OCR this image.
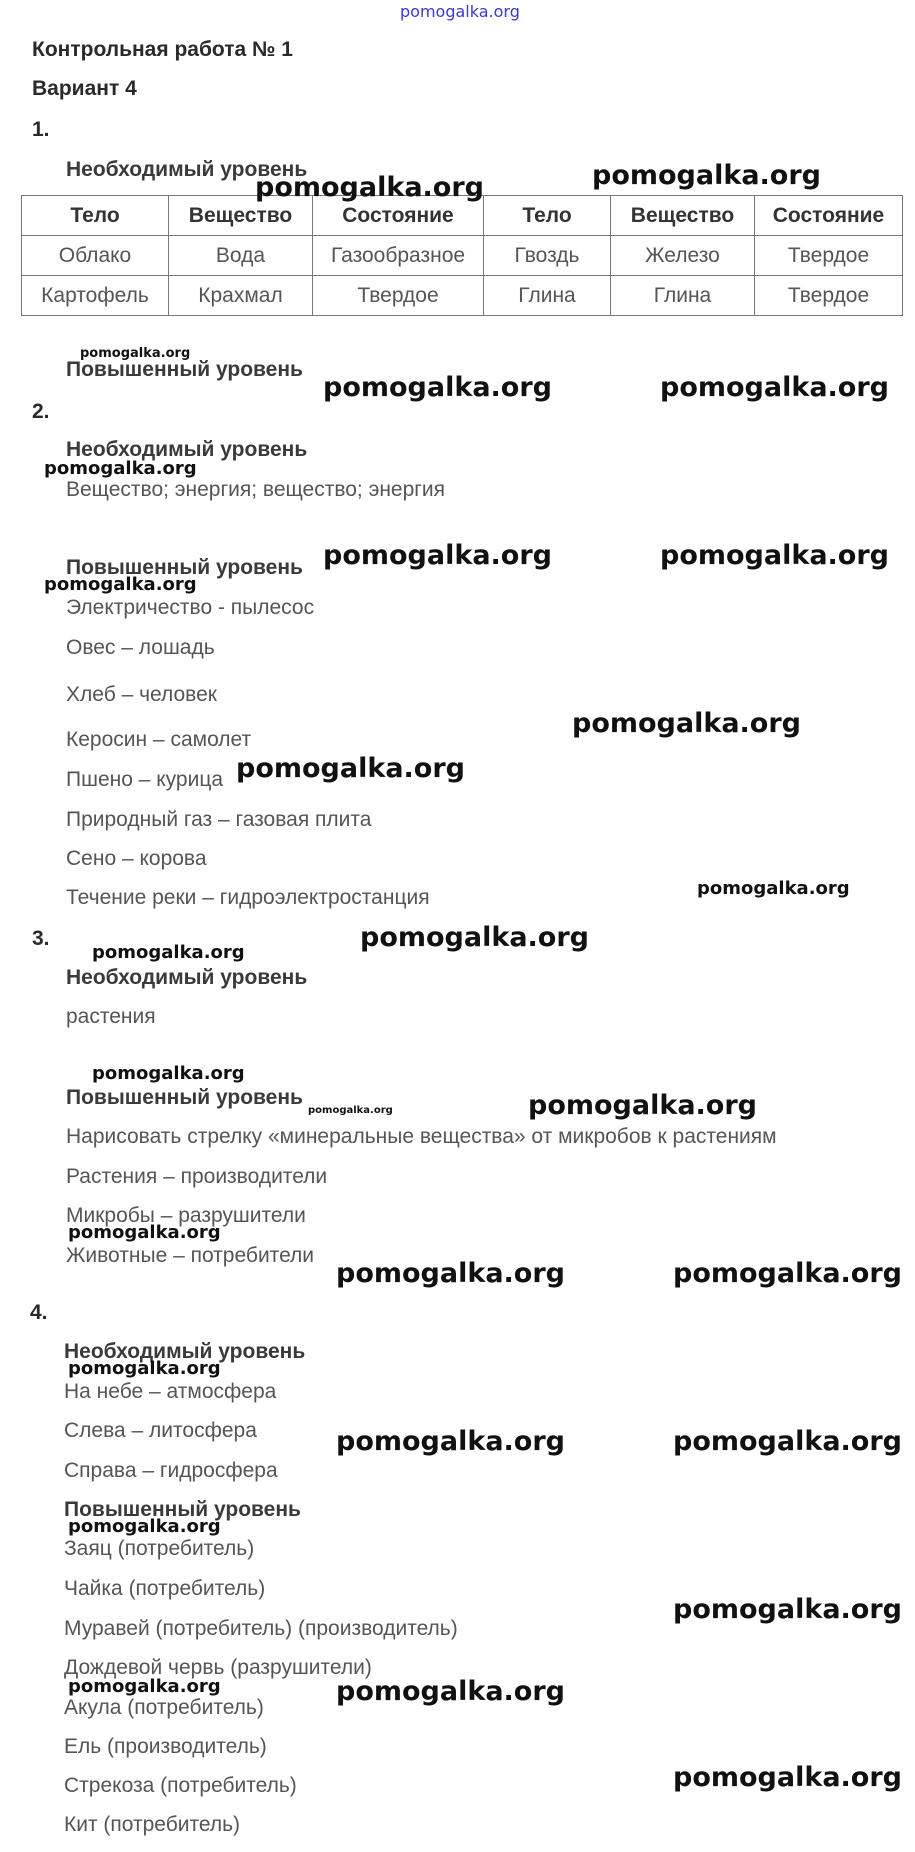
pomogalka.org
Контрольная работа № 1
Вариант 4
1.
Необходимый уровень
Тело	Вещество	Состояние	Тело	Вещество	Состояние
Облако	Вода	Газообразное	Гвоздь	Железо	Твердое
Картофель	Крахмал	Твердое	Глина	Глина	Твердое
Повышенный уровень
2.
Необходимый уровень
Вещество; энергия; вещество; энергия
Повышенный уровень
Электричество - пылесос
Овес – лошадь
Хлеб – человек
Керосин – самолет
Пшено – курица
Природный газ – газовая плита
Сено – корова
Течение реки – гидроэлектростанция
3.
Необходимый уровень
растения
Повышенный уровень
Нарисовать стрелку «минеральные вещества» от микробов к растениям
Растения – производители
Микробы – разрушители
Животные – потребители
4.
Необходимый уровень
На небе – атмосфера
Слева – литосфера
Справа – гидросфера
Повышенный уровень
Заяц (потребитель)
Чайка (потребитель)
Муравей (потребитель) (производитель)
Дождевой червь (разрушители)
Акула (потребитель)
Ель (производитель)
Стрекоза (потребитель)
Кит (потребитель)
pomogalka.org	pomogalka.org
pomogalka.org
pomogalka.org	pomogalka.org
pomogalka.org
pomogalka.org	pomogalka.org
pomogalka.org
pomogalka.org
pomogalka.org
pomogalka.org
pomogalka.org
pomogalka.org
pomogalka.org
pomogalka.org
pomogalka.org
pomogalka.org
pomogalka.org	pomogalka.org
pomogalka.org
pomogalka.org	pomogalka.org
pomogalka.org
pomogalka.org
pomogalka.org	pomogalka.org
pomogalka.org
